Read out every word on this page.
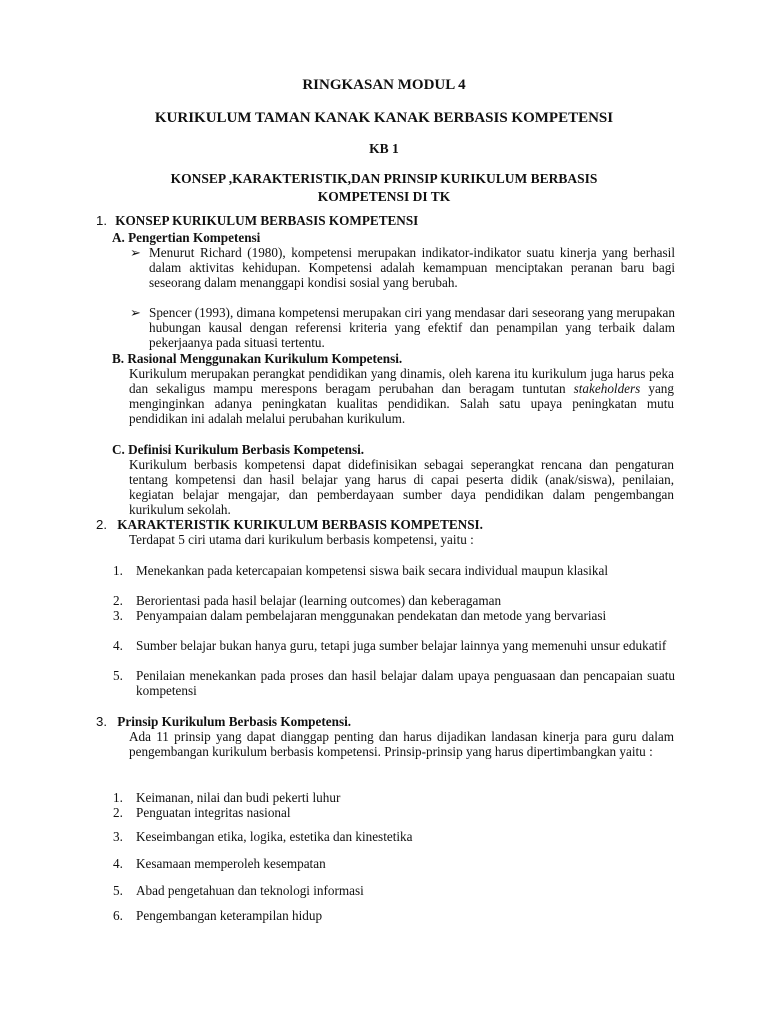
RINGKASAN MODUL 4
KURIKULUM TAMAN KANAK KANAK BERBASIS KOMPETENSI
KB 1
KONSEP ,KARAKTERISTIK,DAN PRINSIP KURIKULUM BERBASIS KOMPETENSI DI TK
1. KONSEP KURIKULUM BERBASIS KOMPETENSI
A. Pengertian Kompetensi
➢ Menurut Richard (1980), kompetensi merupakan indikator-indikator suatu kinerja yang berhasil dalam aktivitas kehidupan. Kompetensi adalah kemampuan menciptakan peranan baru bagi seseorang dalam menanggapi kondisi sosial yang berubah.
➢ Spencer (1993), dimana kompetensi merupakan ciri yang mendasar dari seseorang yang merupakan hubungan kausal dengan referensi kriteria yang efektif dan penampilan yang terbaik dalam pekerjaanya pada situasi tertentu.
B. Rasional Menggunakan Kurikulum Kompetensi.
Kurikulum merupakan perangkat pendidikan yang dinamis, oleh karena itu kurikulum juga harus peka dan sekaligus mampu merespons beragam perubahan dan beragam tuntutan stakeholders yang menginginkan adanya peningkatan kualitas pendidikan. Salah satu upaya peningkatan mutu pendidikan ini adalah melalui perubahan kurikulum.
C. Definisi Kurikulum Berbasis Kompetensi.
Kurikulum berbasis kompetensi dapat didefinisikan sebagai seperangkat rencana dan pengaturan tentang kompetensi dan hasil belajar yang harus di capai peserta didik (anak/siswa), penilaian, kegiatan belajar mengajar, dan pemberdayaan sumber daya pendidikan dalam pengembangan kurikulum sekolah.
2. KARAKTERISTIK KURIKULUM BERBASIS KOMPETENSI.
Terdapat 5 ciri utama dari kurikulum berbasis kompetensi, yaitu :
1. Menekankan pada ketercapaian kompetensi siswa baik secara individual maupun klasikal
2. Berorientasi pada hasil belajar (learning outcomes) dan keberagaman
3. Penyampaian dalam pembelajaran menggunakan pendekatan dan metode yang bervariasi
4. Sumber belajar bukan hanya guru, tetapi juga sumber belajar lainnya yang memenuhi unsur edukatif
5. Penilaian menekankan pada proses dan hasil belajar dalam upaya penguasaan dan pencapaian suatu kompetensi
3. Prinsip Kurikulum Berbasis Kompetensi.
Ada 11 prinsip yang dapat dianggap penting dan harus dijadikan landasan kinerja para guru dalam pengembangan kurikulum berbasis kompetensi. Prinsip-prinsip yang harus dipertimbangkan yaitu :
1. Keimanan, nilai dan budi pekerti luhur
2. Penguatan integritas nasional
3. Keseimbangan etika, logika, estetika dan kinestetika
4. Kesamaan memperoleh kesempatan
5. Abad pengetahuan dan teknologi informasi
6. Pengembangan keterampilan hidup
